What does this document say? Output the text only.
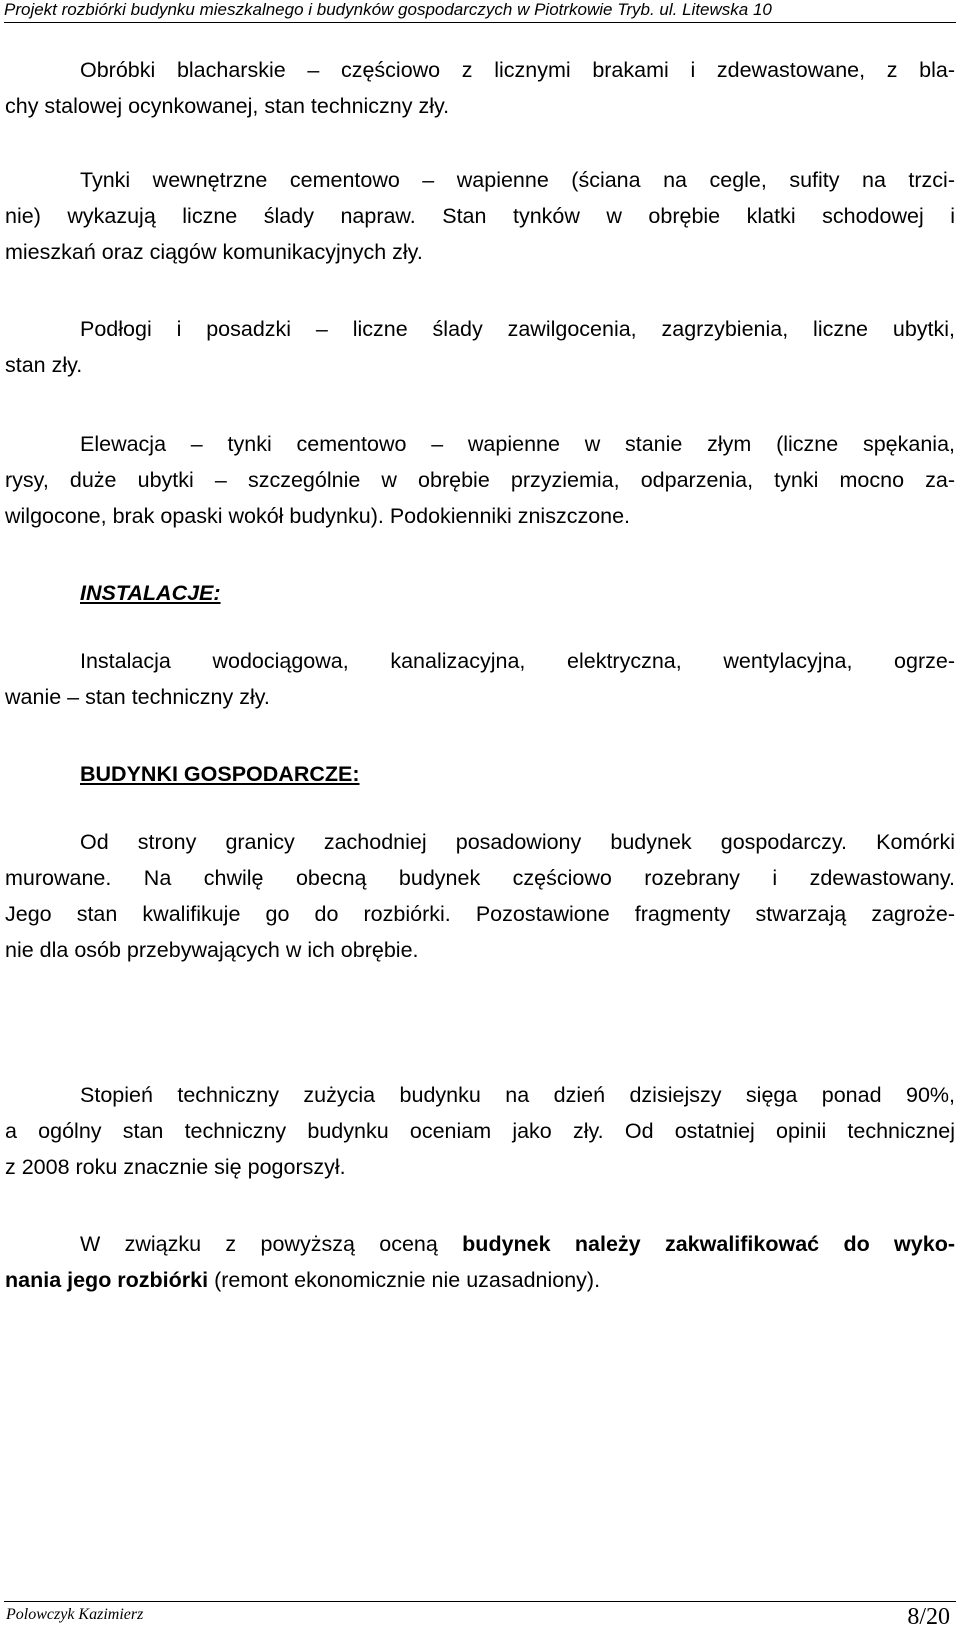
Projekt rozbiórki budynku mieszkalnego i budynków gospodarczych w Piotrkowie Tryb. ul. Litewska 10
Obróbki blacharskie – częściowo z licznymi brakami i zdewastowane, z bla-
chy stalowej ocynkowanej, stan techniczny zły.
Tynki wewnętrzne cementowo – wapienne (ściana na cegle, sufity na trzci-
nie) wykazują liczne ślady napraw. Stan tynków w obrębie klatki schodowej i
mieszkań oraz ciągów komunikacyjnych zły.
Podłogi i posadzki – liczne ślady zawilgocenia, zagrzybienia, liczne ubytki,
stan zły.
Elewacja – tynki cementowo – wapienne w stanie złym (liczne spękania,
rysy, duże ubytki – szczególnie w obrębie przyziemia, odparzenia, tynki mocno za-
wilgocone, brak opaski wokół budynku). Podokienniki zniszczone.
INSTALACJE:
Instalacja wodociągowa, kanalizacyjna, elektryczna, wentylacyjna, ogrze-
wanie – stan techniczny zły.
BUDYNKI GOSPODARCZE:
Od strony granicy zachodniej posadowiony budynek gospodarczy. Komórki
murowane. Na chwilę obecną budynek częściowo rozebrany i zdewastowany.
Jego stan kwalifikuje go do rozbiórki. Pozostawione fragmenty stwarzają zagroże-
nie dla osób przebywających w ich obrębie.
Stopień techniczny zużycia budynku na dzień dzisiejszy sięga ponad 90%,
a ogólny stan techniczny budynku oceniam jako zły. Od ostatniej opinii technicznej
z 2008 roku znacznie się pogorszył.
W związku z powyższą oceną budynek należy zakwalifikować do wyko-
nania jego rozbiórki (remont ekonomicznie nie uzasadniony).
Polowczyk Kazimierz	8/20
